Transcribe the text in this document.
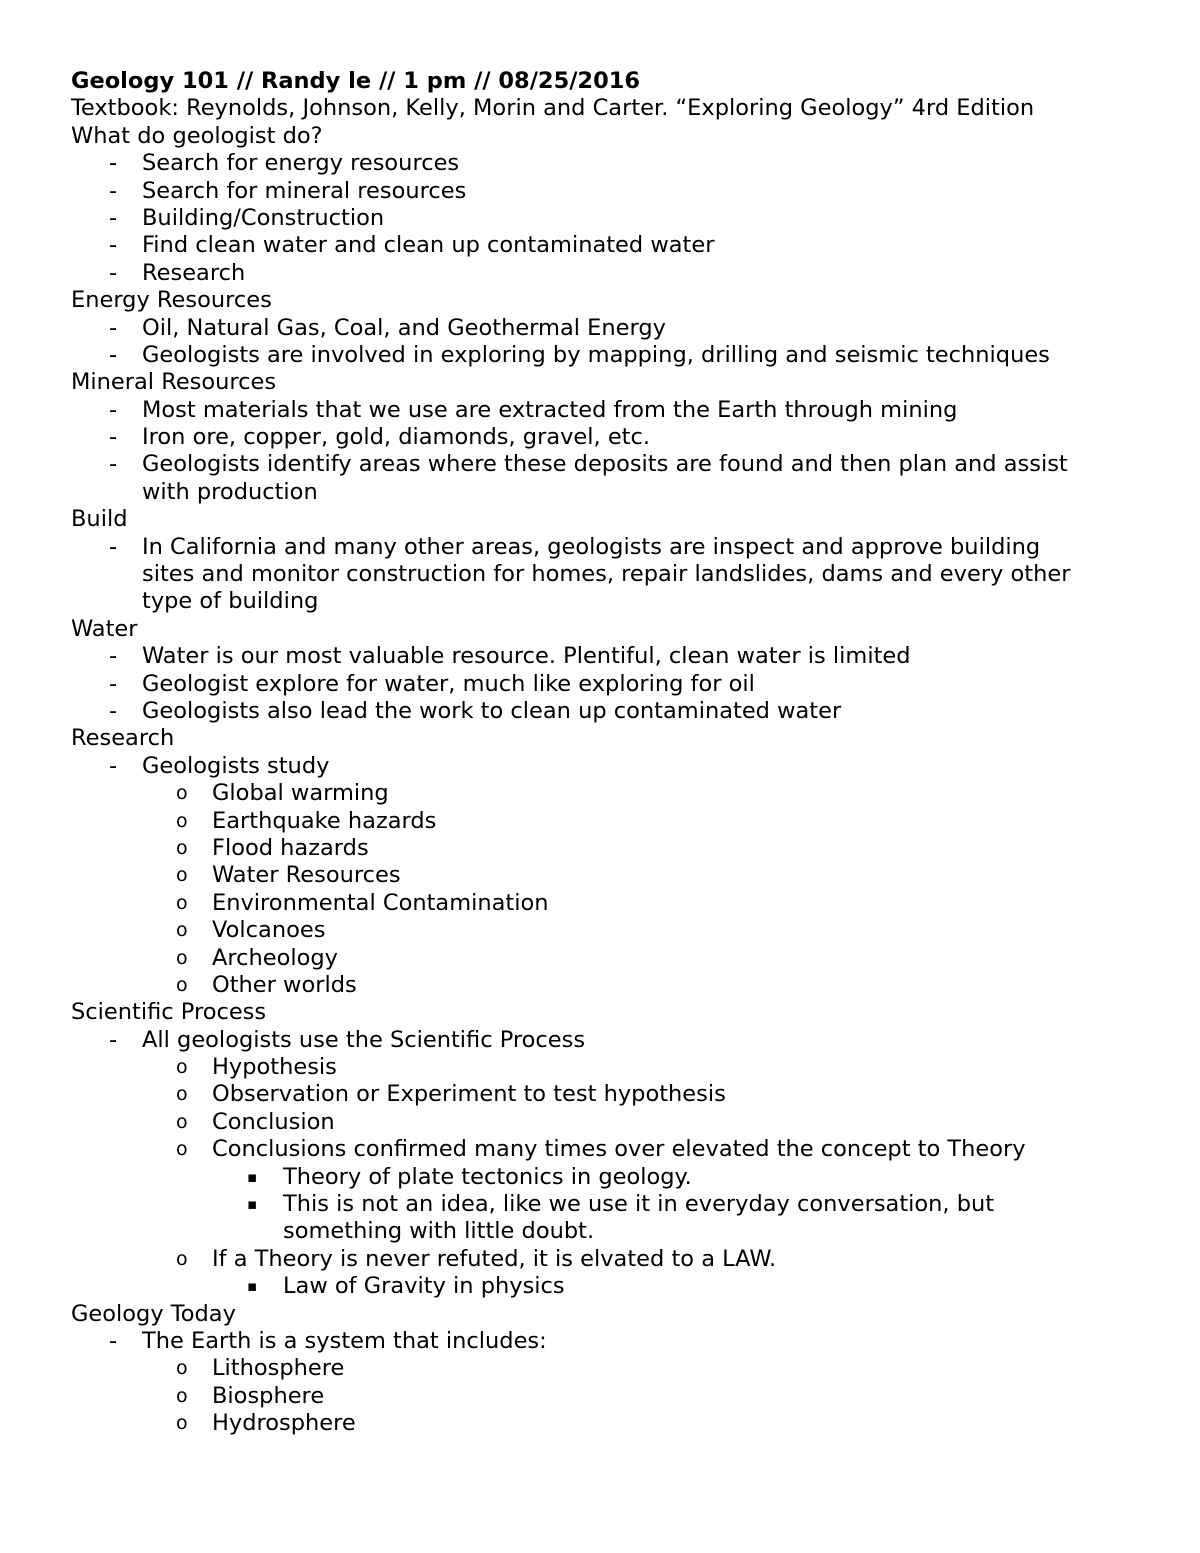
Geology 101 // Randy le // 1 pm // 08/25/2016
Textbook: Reynolds, Johnson, Kelly, Morin and Carter. “Exploring Geology” 4rd Edition
What do geologist do?
- Search for energy resources
- Search for mineral resources
- Building/Construction
- Find clean water and clean up contaminated water
- Research
Energy Resources
- Oil, Natural Gas, Coal, and Geothermal Energy
- Geologists are involved in exploring by mapping, drilling and seismic techniques
Mineral Resources
- Most materials that we use are extracted from the Earth through mining
- Iron ore, copper, gold, diamonds, gravel, etc.
- Geologists identify areas where these deposits are found and then plan and assist
with production
Build
- In California and many other areas, geologists are inspect and approve building
sites and monitor construction for homes, repair landslides, dams and every other
type of building
Water
- Water is our most valuable resource. Plentiful, clean water is limited
- Geologist explore for water, much like exploring for oil
- Geologists also lead the work to clean up contaminated water
Research
- Geologists study
o Global warming
o Earthquake hazards
o Flood hazards
o Water Resources
o Environmental Contamination
o Volcanoes
o Archeology
o Other worlds
Scientific Process
- All geologists use the Scientific Process
o Hypothesis
o Observation or Experiment to test hypothesis
o Conclusion
o Conclusions confirmed many times over elevated the concept to Theory
▪ Theory of plate tectonics in geology.
▪ This is not an idea, like we use it in everyday conversation, but
something with little doubt.
o If a Theory is never refuted, it is elvated to a LAW.
▪ Law of Gravity in physics
Geology Today
- The Earth is a system that includes:
o Lithosphere
o Biosphere
o Hydrosphere
